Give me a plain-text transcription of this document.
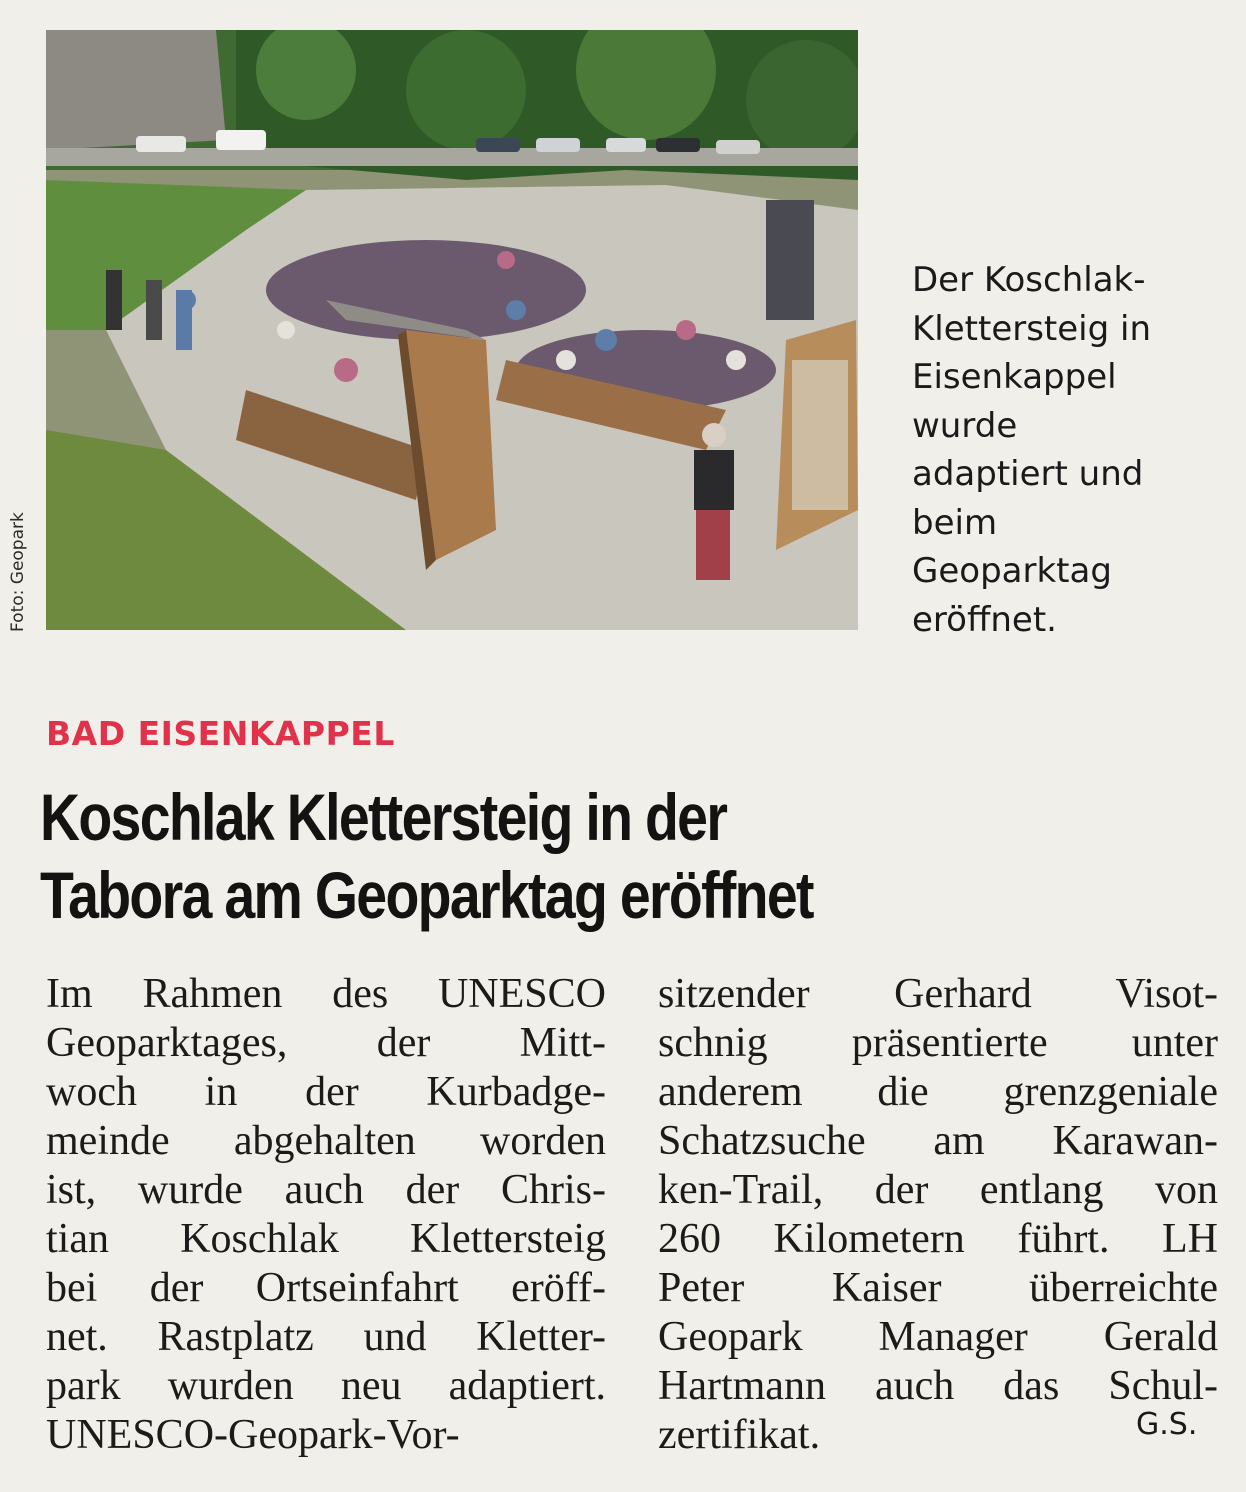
Foto: Geopark

Der Koschlak-
Klettersteig in
Eisenkappel
wurde
adaptiert und
beim
Geoparktag
eröffnet.

BAD EISENKAPPEL

Koschlak Klettersteig in der
Tabora am Geoparktag eröffnet
Im Rahmen des UNESCO
Geoparktages, der Mitt-
woch in der Kurbadge-
meinde abgehalten worden
ist, wurde auch der Chris-
tian Koschlak Klettersteig
bei der Ortseinfahrt eröff-
net. Rastplatz und Kletter-
park wurden neu adaptiert.
UNESCO-Geopark-Vor-
sitzender Gerhard Visot-
schnig präsentierte unter
anderem die grenzgeniale
Schatzsuche am Karawan-
ken-Trail, der entlang von
260 Kilometern führt. LH
Peter Kaiser überreichte
Geopark Manager Gerald
Hartmann auch das Schul-
zertifikat.	G.S.
